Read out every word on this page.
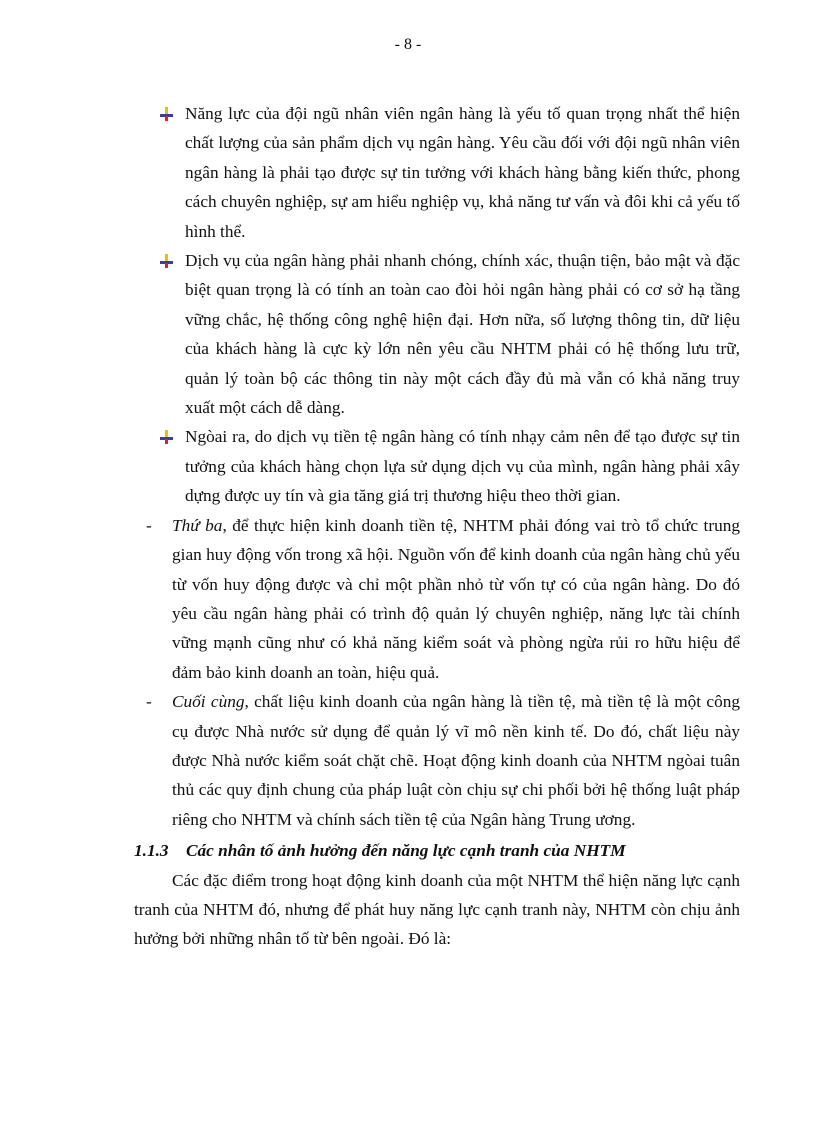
- 8 -

Năng lực của đội ngũ nhân viên ngân hàng là yếu tố quan trọng nhất thể hiện chất lượng của sản phẩm dịch vụ ngân hàng. Yêu cầu đối với đội ngũ nhân viên ngân hàng là phải tạo được sự tin tưởng với khách hàng bằng kiến thức, phong cách chuyên nghiệp, sự am hiểu nghiệp vụ, khả năng tư vấn và đôi khi cả yếu tố hình thể.

Dịch vụ của ngân hàng phải nhanh chóng, chính xác, thuận tiện, bảo mật và đặc biệt quan trọng là có tính an toàn cao đòi hỏi ngân hàng phải có cơ sở hạ tầng vững chắc, hệ thống công nghệ hiện đại. Hơn nữa, số lượng thông tin, dữ liệu của khách hàng là cực kỳ lớn nên yêu cầu NHTM phải có hệ thống lưu trữ, quản lý toàn bộ các thông tin này một cách đầy đủ mà vẫn có khả năng truy xuất một cách dễ dàng.

Ngòai ra, do dịch vụ tiền tệ ngân hàng có tính nhạy cảm nên để tạo được sự tin tưởng của khách hàng chọn lựa sử dụng dịch vụ của mình, ngân hàng phải xây dựng được uy tín và gia tăng giá trị thương hiệu theo thời gian.

- Thứ ba, để thực hiện kinh doanh tiền tệ, NHTM phải đóng vai trò tổ chức trung gian huy động vốn trong xã hội. Nguồn vốn để kinh doanh của ngân hàng chủ yếu từ vốn huy động được và chỉ một phần nhỏ từ vốn tự có của ngân hàng. Do đó yêu cầu ngân hàng phải có trình độ quản lý chuyên nghiệp, năng lực tài chính vững mạnh cũng như có khả năng kiểm soát và phòng ngừa rủi ro hữu hiệu để đảm bảo kinh doanh an toàn, hiệu quả.

- Cuối cùng, chất liệu kinh doanh của ngân hàng là tiền tệ, mà tiền tệ là một công cụ được Nhà nước sử dụng để quản lý vĩ mô nền kinh tế. Do đó, chất liệu này được Nhà nước kiểm soát chặt chẽ. Hoạt động kinh doanh của NHTM ngòai tuân thủ các quy định chung của pháp luật còn chịu sự chi phối bởi hệ thống luật pháp riêng cho NHTM và chính sách tiền tệ của Ngân hàng Trung ương.

1.1.3 Các nhân tố ảnh hưởng đến năng lực cạnh tranh của NHTM

Các đặc điểm trong hoạt động kinh doanh của một NHTM thể hiện năng lực cạnh tranh của NHTM đó, nhưng để phát huy năng lực cạnh tranh này, NHTM còn chịu ảnh hưởng bởi những nhân tố từ bên ngoài. Đó là:
